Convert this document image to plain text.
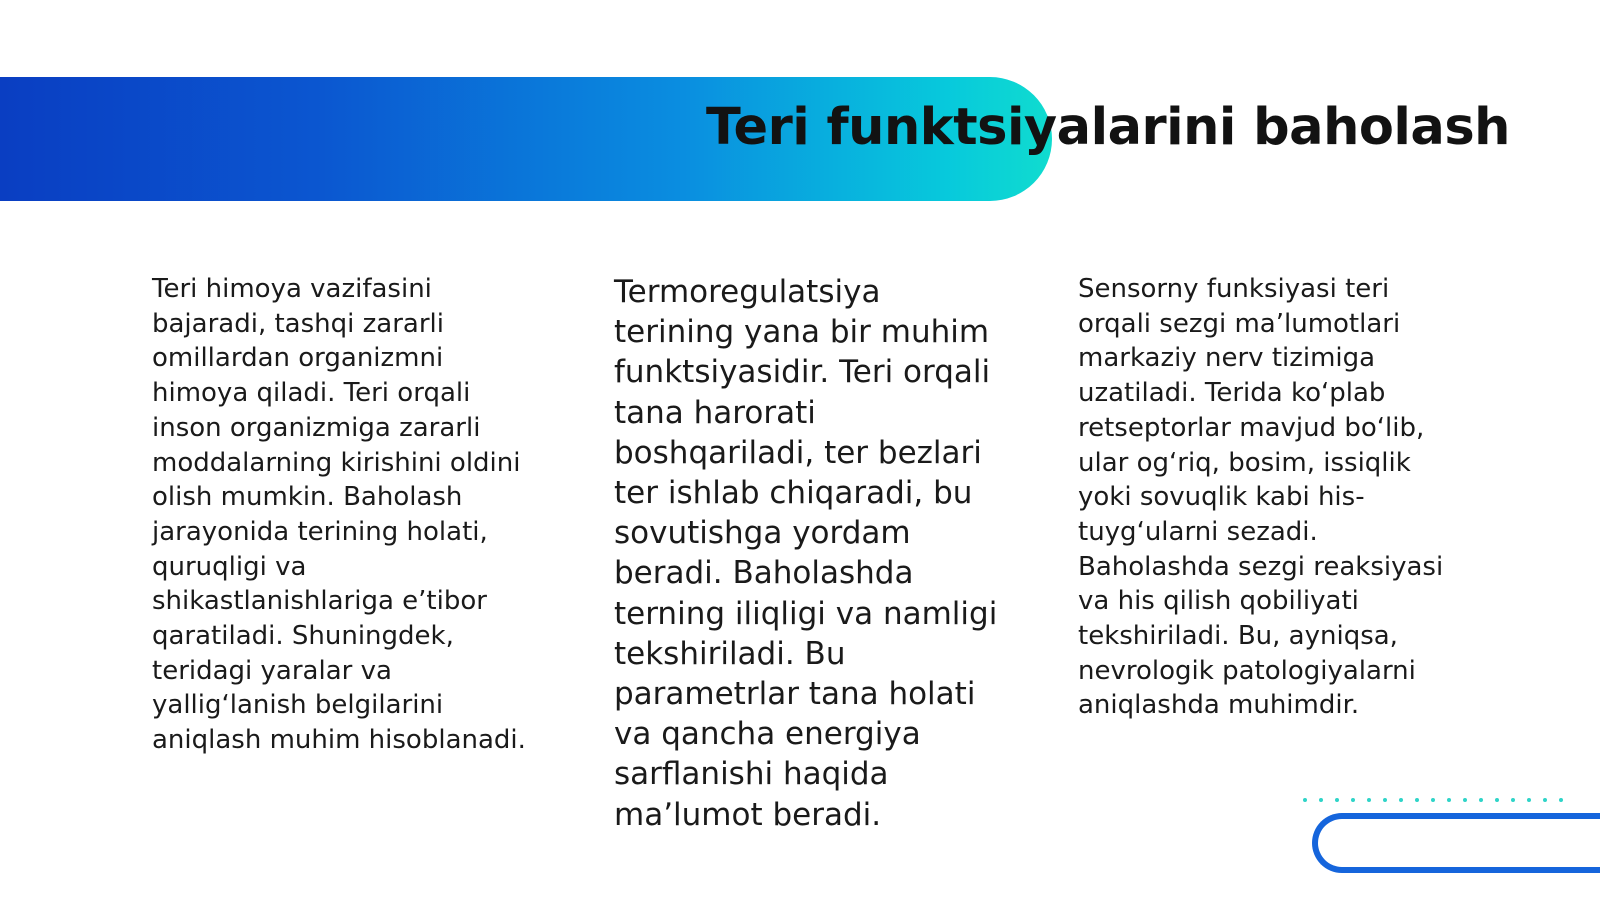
Teri funktsiyalarini baholash
Teri himoya vazifasini bajaradi, tashqi zararli omillardan organizmni himoya qiladi. Teri orqali inson organizmiga zararli moddalarning kirishini oldini olish mumkin. Baholash jarayonida terining holati, quruqligi va shikastlanishlariga e’tibor qaratiladi. Shuningdek, teridagi yaralar va yallig‘lanish belgilarini aniqlash muhim hisoblanadi.
Termoregulatsiya terining yana bir muhim funktsiyasidir. Teri orqali tana harorati boshqariladi, ter bezlari ter ishlab chiqaradi, bu sovutishga yordam beradi. Baholashda terning iliqligi va namligi tekshiriladi. Bu parametrlar tana holati va qancha energiya sarflanishi haqida ma’lumot beradi.
Sensorny funksiyasi teri orqali sezgi ma’lumotlari markaziy nerv tizimiga uzatiladi. Terida ko‘plab retseptorlar mavjud bo‘lib, ular og‘riq, bosim, issiqlik yoki sovuqlik kabi his-tuyg‘ularni sezadi. Baholashda sezgi reaksiyasi va his qilish qobiliyati tekshiriladi. Bu, ayniqsa, nevrologik patologiyalarni aniqlashda muhimdir.
